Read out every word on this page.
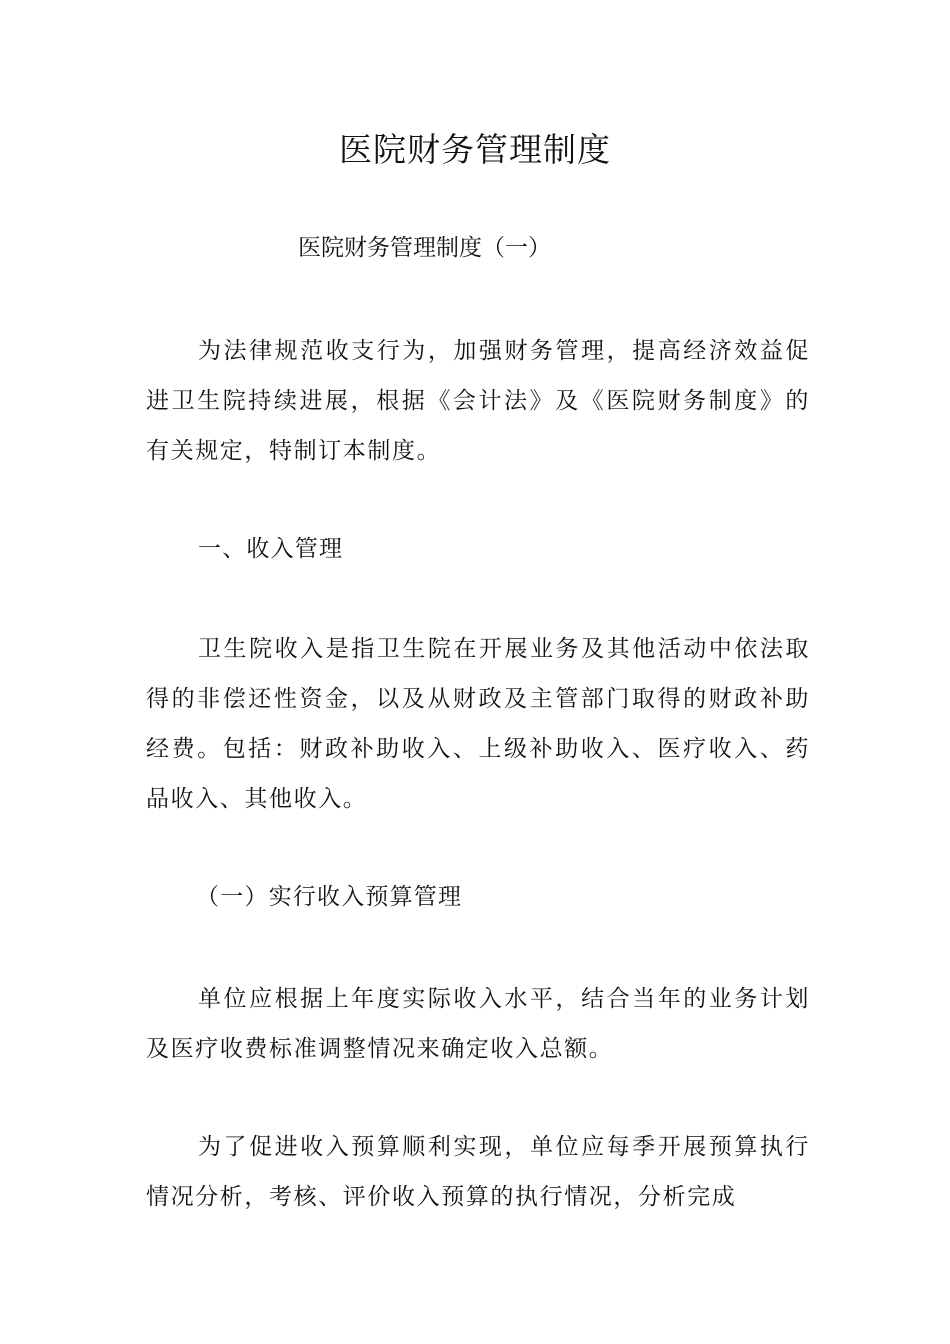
医院财务管理制度

医院财务管理制度（一）

为法律规范收支行为，加强财务管理，提高经济效益促进卫生院持续进展，根据《会计法》及《医院财务制度》的有关规定，特制订本制度。

一、收入管理

卫生院收入是指卫生院在开展业务及其他活动中依法取得的非偿还性资金，以及从财政及主管部门取得的财政补助经费。包括：财政补助收入、上级补助收入、医疗收入、药品收入、其他收入。

（一）实行收入预算管理

单位应根据上年度实际收入水平，结合当年的业务计划及医疗收费标准调整情况来确定收入总额。

为了促进收入预算顺利实现，单位应每季开展预算执行情况分析，考核、评价收入预算的执行情况，分析完成
